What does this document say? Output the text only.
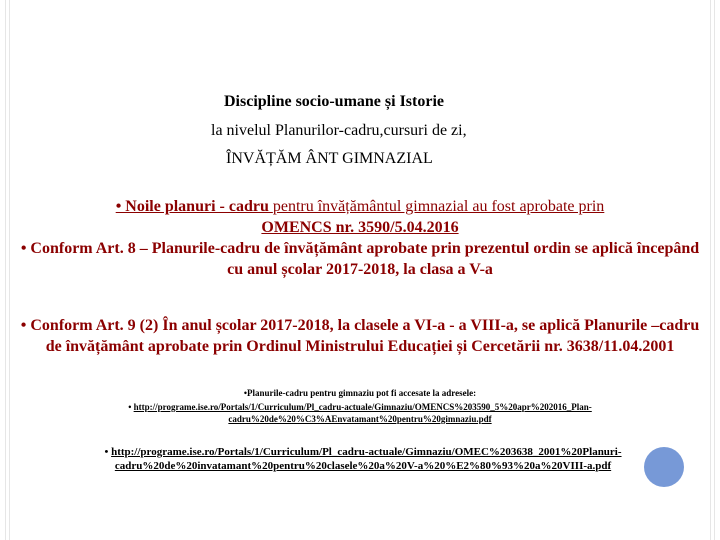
Discipline socio-umane și Istorie
la nivelul Planurilor-cadru,cursuri de zi,
ÎNVĂȚĂM ÂNT GIMNAZIAL
• Noile planuri - cadru pentru învățământul gimnazial au fost aprobate prin
OMENCS nr. 3590/5.04.2016
• Conform Art. 8 – Planurile-cadru de învățământ aprobate prin prezentul ordin se aplică începând cu anul școlar 2017-2018, la clasa a V-a
• Conform Art. 9 (2) În anul școlar 2017-2018, la clasele a VI-a - a VIII-a, se aplică Planurile –cadru de învățământ aprobate prin Ordinul Ministrului Educației și Cercetării nr. 3638/11.04.2001
•Planurile-cadru pentru gimnaziu pot fi accesate la adresele:
• http://programe.ise.ro/Portals/1/Curriculum/Pl_cadru-actuale/Gimnaziu/OMENCS%203590_5%20apr%202016_Plan-cadru%20de%20%C3%AEnvatamant%20pentru%20gimnaziu.pdf
• http://programe.ise.ro/Portals/1/Curriculum/Pl_cadru-actuale/Gimnaziu/OMEC%203638_2001%20Planuri-cadru%20de%20invatamant%20pentru%20clasele%20a%20V-a%20%E2%80%93%20a%20VIII-a.pdf
